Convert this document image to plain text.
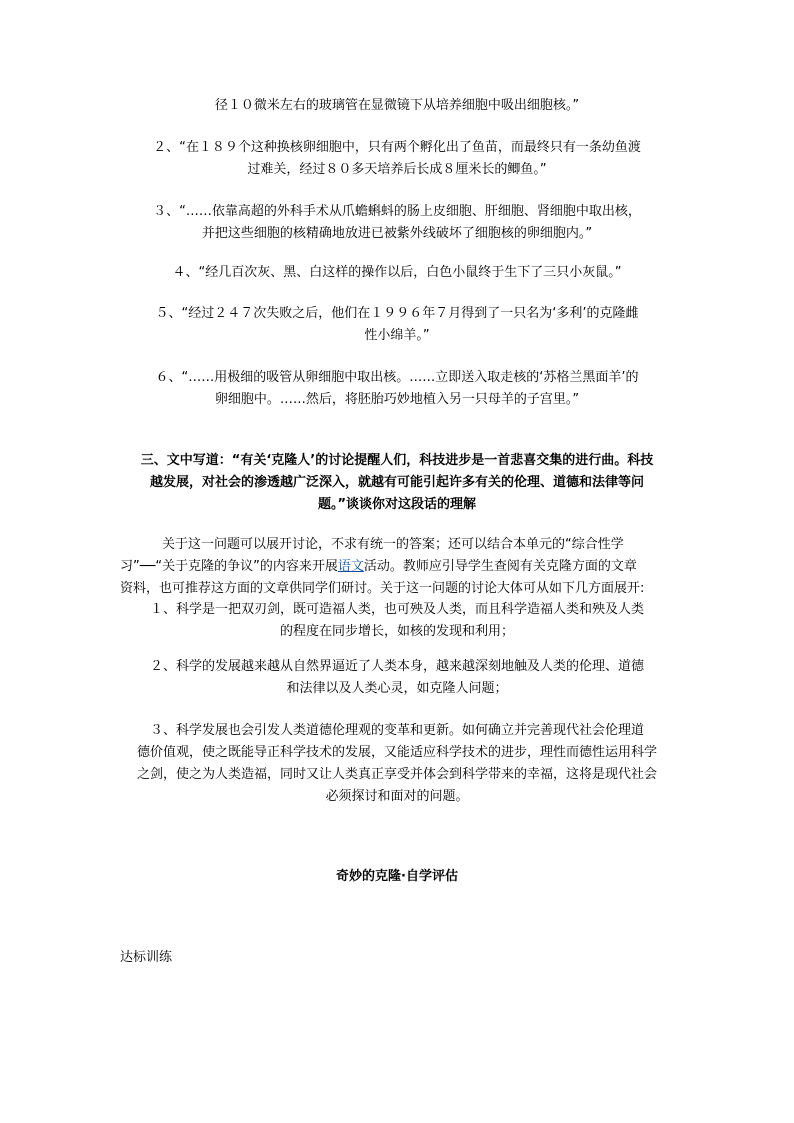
径１０微米左右的玻璃管在显微镜下从培养细胞中吸出细胞核。”
２、“在１８９个这种换核卵细胞中，只有两个孵化出了鱼苗，而最终只有一条幼鱼渡
过难关，经过８０多天培养后长成８厘米长的鲫鱼。”
３、“……依靠高超的外科手术从爪蟾蝌蚪的肠上皮细胞、肝细胞、肾细胞中取出核，
并把这些细胞的核精确地放进已被紫外线破坏了细胞核的卵细胞内。”
４、“经几百次灰、黑、白这样的操作以后，白色小鼠终于生下了三只小灰鼠。”
５、“经过２４７次失败之后，他们在１９９６年７月得到了一只名为‘多利’的克隆雌
性小绵羊。”
６、“……用极细的吸管从卵细胞中取出核。……立即送入取走核的‘苏格兰黑面羊’的
卵细胞中。……然后，将胚胎巧妙地植入另一只母羊的子宫里。”
三、文中写道：“有关‘克隆人’的讨论提醒人们，科技进步是一首悲喜交集的进行曲。科技
越发展，对社会的渗透越广泛深入，就越有可能引起许多有关的伦理、道德和法律等问
题。”谈谈你对这段话的理解
关于这一问题可以展开讨论，不求有统一的答案；还可以结合本单元的“综合性学
习”──“关于克隆的争议”的内容来开展语文活动。教师应引导学生查阅有关克隆方面的文章
资料，也可推荐这方面的文章供同学们研讨。关于这一问题的讨论大体可从如下几方面展开:
１、科学是一把双刃剑，既可造福人类，也可殃及人类，而且科学造福人类和殃及人类
的程度在同步增长，如核的发现和利用；
２、科学的发展越来越从自然界逼近了人类本身，越来越深刻地触及人类的伦理、道德
和法律以及人类心灵，如克隆人问题；
３、科学发展也会引发人类道德伦理观的变革和更新。如何确立并完善现代社会伦理道
德价值观，使之既能导正科学技术的发展，又能适应科学技术的进步，理性而德性运用科学
之剑，使之为人类造福，同时又让人类真正享受并体会到科学带来的幸福，这将是现代社会
必须探讨和面对的问题。
奇妙的克隆·自学评估
达标训练
